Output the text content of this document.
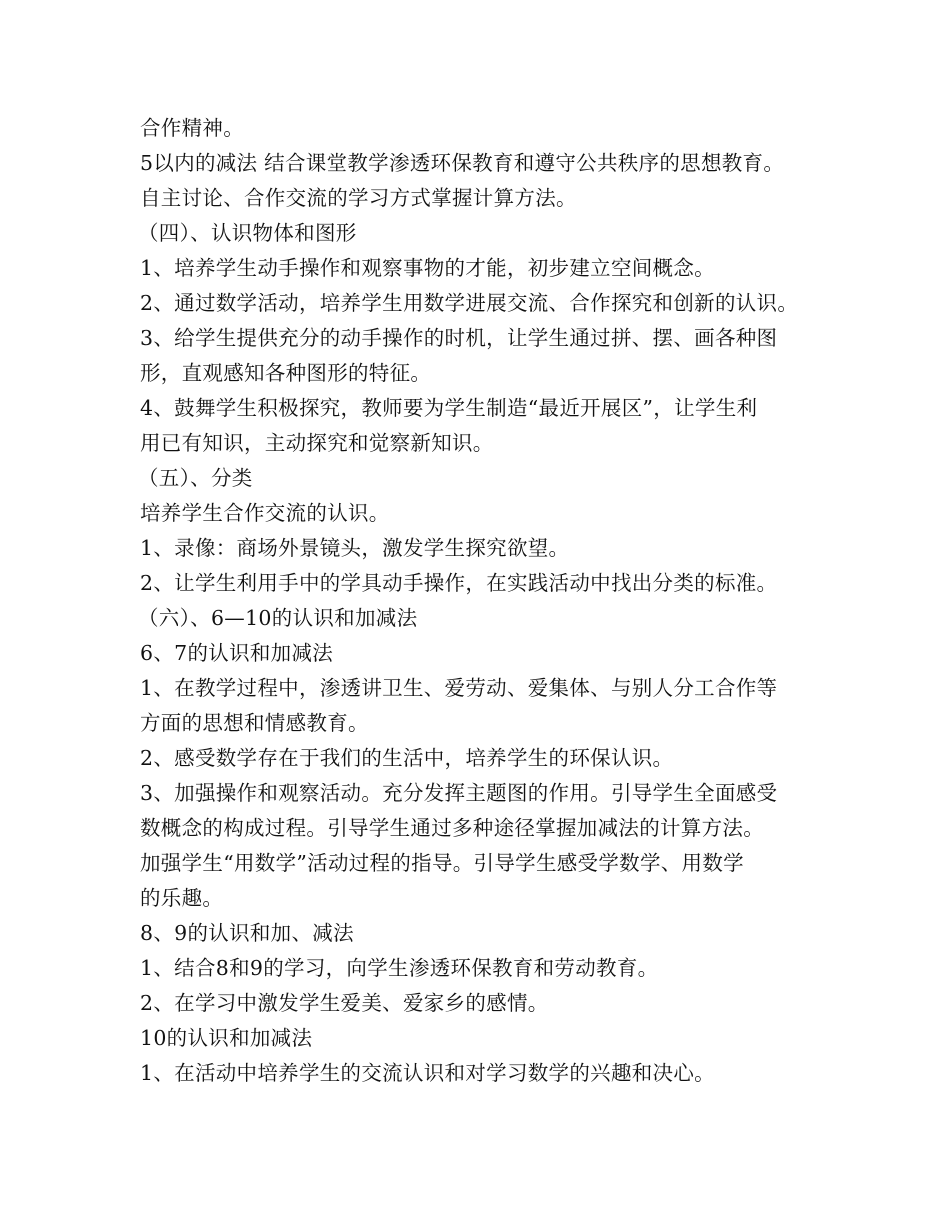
合作精神。
5以内的减法 结合课堂教学渗透环保教育和遵守公共秩序的思想教育。
自主讨论、合作交流的学习方式掌握计算方法。
（四）、认识物体和图形
1、培养学生动手操作和观察事物的才能，初步建立空间概念。
2、通过数学活动，培养学生用数学进展交流、合作探究和创新的认识。
3、给学生提供充分的动手操作的时机，让学生通过拼、摆、画各种图
形，直观感知各种图形的特征。
4、鼓舞学生积极探究，教师要为学生制造“最近开展区”，让学生利
用已有知识，主动探究和觉察新知识。
（五）、分类
培养学生合作交流的认识。
1、录像：商场外景镜头，激发学生探究欲望。
2、让学生利用手中的学具动手操作，在实践活动中找出分类的标准。
（六）、6—10的认识和加减法
6、7的认识和加减法
1、在教学过程中，渗透讲卫生、爱劳动、爱集体、与别人分工合作等
方面的思想和情感教育。
2、感受数学存在于我们的生活中，培养学生的环保认识。
3、加强操作和观察活动。充分发挥主题图的作用。引导学生全面感受
数概念的构成过程。引导学生通过多种途径掌握加减法的计算方法。
加强学生“用数学”活动过程的指导。引导学生感受学数学、用数学
的乐趣。
8、9的认识和加、减法
1、结合8和9的学习，向学生渗透环保教育和劳动教育。
2、在学习中激发学生爱美、爱家乡的感情。
10的认识和加减法
1、在活动中培养学生的交流认识和对学习数学的兴趣和决心。
